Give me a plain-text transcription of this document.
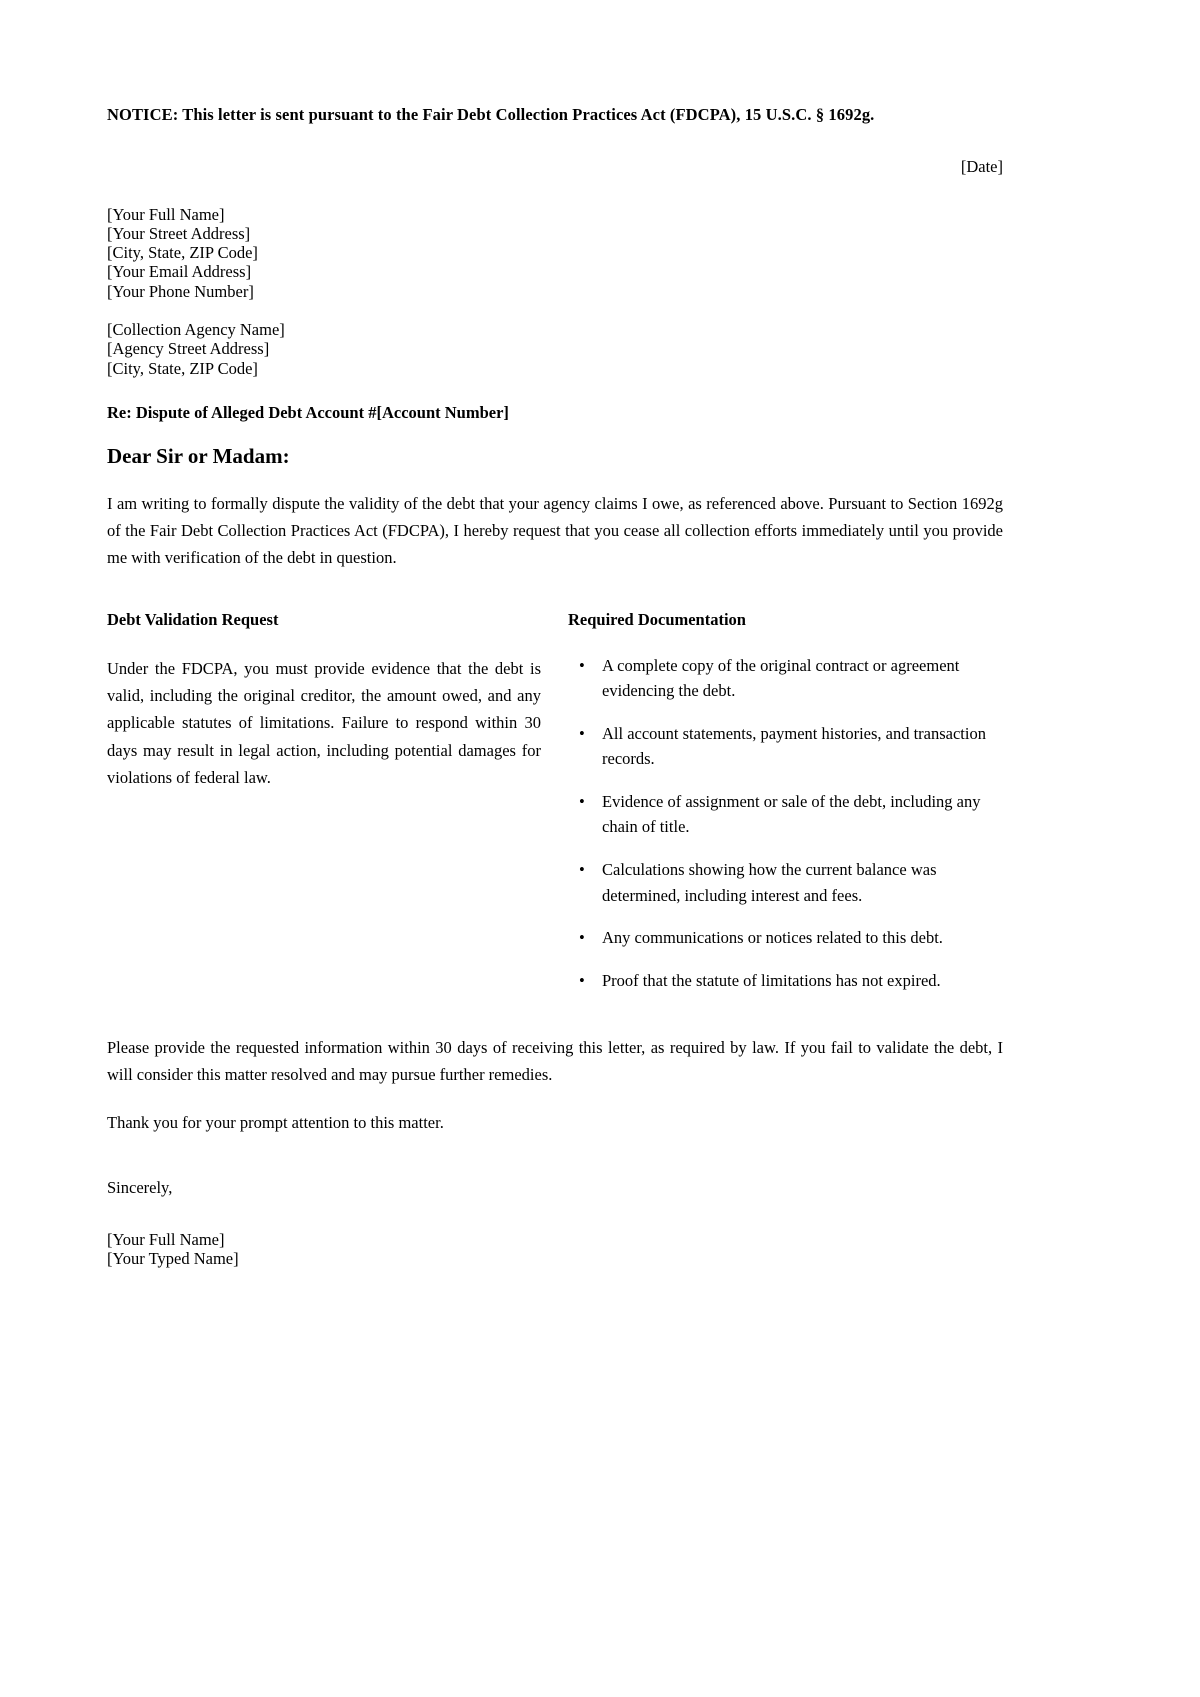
NOTICE: This letter is sent pursuant to the Fair Debt Collection Practices Act (FDCPA), 15 U.S.C. § 1692g.

[Date]

[Your Full Name]
[Your Street Address]
[City, State, ZIP Code]
[Your Email Address]
[Your Phone Number]
[Collection Agency Name]
[Agency Street Address]
[City, State, ZIP Code]

Re: Dispute of Alleged Debt Account #[Account Number]

Dear Sir or Madam:

I am writing to formally dispute the validity of the debt that your agency claims I owe, as referenced above. Pursuant to Section 1692g of the Fair Debt Collection Practices Act (FDCPA), I hereby request that you cease all collection efforts immediately until you provide me with verification of the debt in question.

Debt Validation Request

Under the FDCPA, you must provide evidence that the debt is valid, including the original creditor, the amount owed, and any applicable statutes of limitations. Failure to respond within 30 days may result in legal action, including potential damages for violations of federal law.

Required Documentation
• A complete copy of the original contract or agreement evidencing the debt.
• All account statements, payment histories, and transaction records.
• Evidence of assignment or sale of the debt, including any chain of title.
• Calculations showing how the current balance was determined, including interest and fees.
• Any communications or notices related to this debt.
• Proof that the statute of limitations has not expired.

Please provide the requested information within 30 days of receiving this letter, as required by law. If you fail to validate the debt, I will consider this matter resolved and may pursue further remedies.

Thank you for your prompt attention to this matter.

Sincerely,

[Your Full Name]
[Your Typed Name]
